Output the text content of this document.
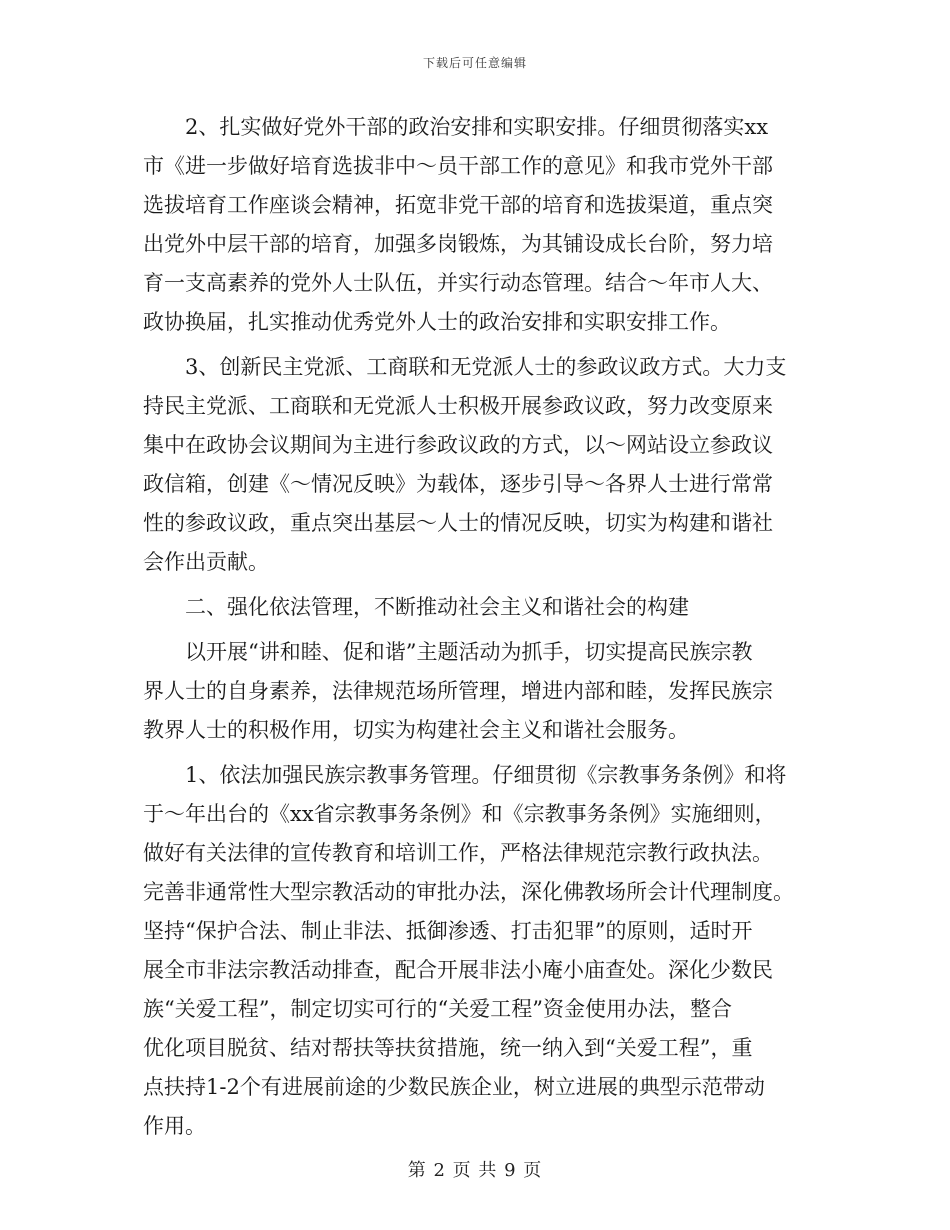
下载后可任意编辑
2、扎实做好党外干部的政治安排和实职安排。仔细贯彻落实xx
市《进一步做好培育选拔非中～员干部工作的意见》和我市党外干部
选拔培育工作座谈会精神，拓宽非党干部的培育和选拔渠道，重点突
出党外中层干部的培育，加强多岗锻炼，为其铺设成长台阶，努力培
育一支高素养的党外人士队伍，并实行动态管理。结合～年市人大、
政协换届，扎实推动优秀党外人士的政治安排和实职安排工作。
3、创新民主党派、工商联和无党派人士的参政议政方式。大力支
持民主党派、工商联和无党派人士积极开展参政议政，努力改变原来
集中在政协会议期间为主进行参政议政的方式，以～网站设立参政议
政信箱，创建《～情况反映》为载体，逐步引导～各界人士进行常常
性的参政议政，重点突出基层～人士的情况反映，切实为构建和谐社
会作出贡献。
二、强化依法管理，不断推动社会主义和谐社会的构建
以开展“讲和睦、促和谐”主题活动为抓手，切实提高民族宗教
界人士的自身素养，法律规范场所管理，增进内部和睦，发挥民族宗
教界人士的积极作用，切实为构建社会主义和谐社会服务。
1、依法加强民族宗教事务管理。仔细贯彻《宗教事务条例》和将
于～年出台的《xx省宗教事务条例》和《宗教事务条例》实施细则，
做好有关法律的宣传教育和培训工作，严格法律规范宗教行政执法。
完善非通常性大型宗教活动的审批办法，深化佛教场所会计代理制度。
坚持“保护合法、制止非法、抵御渗透、打击犯罪”的原则，适时开
展全市非法宗教活动排查，配合开展非法小庵小庙查处。深化少数民
族“关爱工程”，制定切实可行的“关爱工程”资金使用办法，整合
优化项目脱贫、结对帮扶等扶贫措施，统一纳入到“关爱工程”，重
点扶持1-2个有进展前途的少数民族企业，树立进展的典型示范带动
作用。
第 2 页 共 9 页
